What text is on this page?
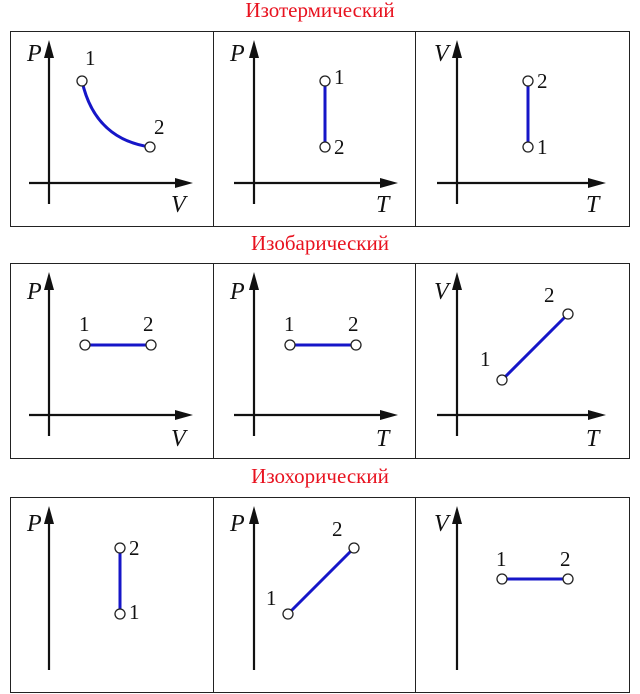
Изотермический
P
V
1
2
P
T
1
2
V
T
2
1
Изобарический
P
V
1	2
P
T
1	2
V
T
1
2
Изохорический
P
2
1
P
1
2	V
1	2
